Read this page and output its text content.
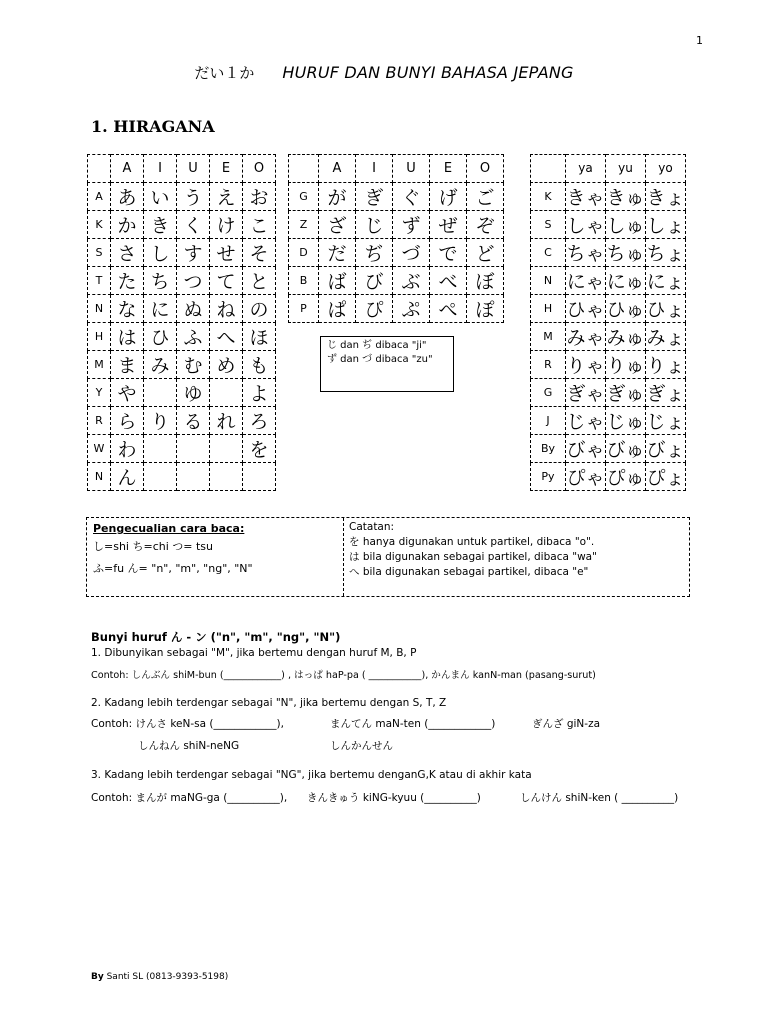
1
だい１か HURUF DAN BUNYI BAHASA JEPANG
1. HIRAGANA
	A	I	U	E	O
A	あ	い	う	え	お
K	か	き	く	け	こ
S	さ	し	す	せ	そ
T	た	ち	つ	て	と
N	な	に	ぬ	ね	の
H	は	ひ	ふ	へ	ほ
M	ま	み	む	め	も
Y	や		ゆ		よ
R	ら	り	る	れ	ろ
W	わ				を
N	ん				
	A	I	U	E	O
G	が	ぎ	ぐ	げ	ご
Z	ざ	じ	ず	ぜ	ぞ
D	だ	ぢ	づ	で	ど
B	ば	び	ぶ	べ	ぼ
P	ぱ	ぴ	ぷ	ぺ	ぽ
	ya	yu	yo
K	きゃ	きゅ	きょ
S	しゃ	しゅ	しょ
C	ちゃ	ちゅ	ちょ
N	にゃ	にゅ	にょ
H	ひゃ	ひゅ	ひょ
M	みゃ	みゅ	みょ
R	りゃ	りゅ	りょ
G	ぎゃ	ぎゅ	ぎょ
J	じゃ	じゅ	じょ
By	びゃ	びゅ	びょ
Py	ぴゃ	ぴゅ	ぴょ
じ dan ぢ dibaca "ji"
ず dan づ dibaca "zu"
Pengecualian cara baca:
し=shi ち=chi つ= tsu
ふ=fu ん= "n", "m", "ng", "N"
Catatan:
を hanya digunakan untuk partikel, dibaca "o".
は bila digunakan sebagai partikel, dibaca "wa"
へ bila digunakan sebagai partikel, dibaca "e"
Bunyi huruf ん - ン ("n", "m", "ng", "N")
1. Dibunyikan sebagai "M", jika bertemu dengan huruf M, B, P
Contoh: しんぶん shiM-bun (____________) , はっぱ haP-pa ( ___________), かんまん kanN-man (pasang-surut)
2. Kadang lebih terdengar sebagai "N", jika bertemu dengan S, T, Z
Contoh: けんさ keN-sa (____________),	まんてん maN-ten (____________)	ぎんざ giN-za
しんねん shiN-neNG	しんかんせん
3. Kadang lebih terdengar sebagai "NG", jika bertemu denganG,K atau di akhir kata
Contoh: まんが maNG-ga (__________), きんきゅう kiNG-kyuu (__________)	しんけん shiN-ken ( __________)
By Santi SL (0813-9393-5198)
